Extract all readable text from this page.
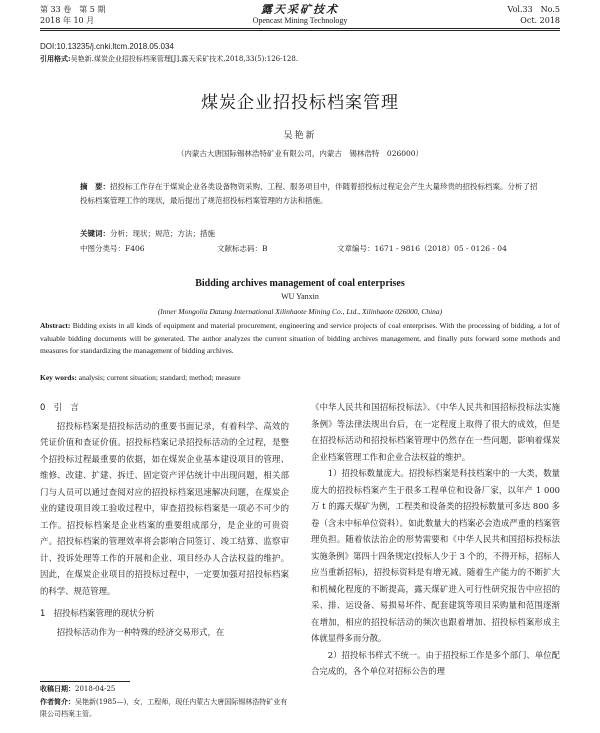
第 33 卷　第 5 期
2018 年 10 月
露天采矿技术
Opencast Mining Technology
Vol.33　No.5
Oct. 2018
DOI:10.13235/j.cnki.ltcm.2018.05.034
引用格式:吴艳新.煤炭企业招投标档案管理[J].露天采矿技术,2018,33(5):126-128.
煤炭企业招投标档案管理
吴艳新
（内蒙古大唐国际锡林浩特矿业有限公司，内蒙古　锡林浩特　026000）
摘　要：招投标工作存在于煤炭企业各类设备物资采购、工程、服务项目中，伴随着招投标过程定会产生大量珍贵的招投标档案。分析了招投标档案管理工作的现状，最后提出了规范招投标档案管理的方法和措施。
关键词：分析；现状；规范；方法；措施
中图分类号：F406	文献标志码：B	文章编号：1671 - 9816（2018）05 - 0126 - 04
Bidding archives management of coal enterprises
WU Yanxin
(Inner Mongolia Datang International Xilinhaote Mining Co., Ltd., Xilinhaote 026000, China)
Abstract: Bidding exists in all kinds of equipment and material procurement, engineering and service projects of coal enterprises. With the processing of bidding, a lot of valuable bidding documents will be generated. The author analyzes the current situation of bidding archives management, and finally puts forward some methods and measures for standardizing the management of bidding archives.
Key words: analysis; current situation; standard; method; measure
0　引　言

招投标档案是招投标活动的重要书面记录，有着科学、高效的凭证价值和查证价值。招投标档案记录招投标活动的全过程，是整个招投标过程最重要的依据，如在煤炭企业基本建设项目的管理、维修、改建、扩建、拆迁、固定资产评估统计中出现问题，相关部门与人员可以通过查阅对应的招投标档案迅速解决问题，在煤炭企业的建设项目竣工验收过程中，审查招投标档案是一项必不可少的工作。招投标档案是企业档案的重要组成部分，是企业的可贵资产。招投标档案的管理效率将会影响合同签订、竣工结算、监察审计、投诉处理等工作的开展和企业、项目经办人合法权益的维护。因此，在煤炭企业项目的招投标过程中，一定要加强对招投标档案的科学、规范管理。

1　招投标档案管理的现状分析

招投标活动作为一种特殊的经济交易形式，在

《中华人民共和国招标投标法》、《中华人民共和国招标投标法实施条例》等法律法规出台后，在一定程度上取得了很大的成效，但是在招投标活动和招投标档案管理中仍然存在一些问题，影响着煤炭企业档案管理工作和企业合法权益的维护。

1）招投标数量庞大。招投标档案是科技档案中的一大类，数量庞大的招投标档案产生于很多工程单位和设备厂家，以年产 1 000 万 t 的露天煤矿为例，工程类和设备类的招投标数量可多达 800 多卷（含未中标单位资料）。如此数量大的档案必会造成严重的档案管理负担。随着依法治企的形势需要和《中华人民共和国招标投标法实施条例》第四十四条规定(投标人少于 3 个的，不得开标，招标人应当重新招标)，招投标资料是有增无减。随着生产能力的不断扩大和机械化程度的不断提高，露天煤矿进入可行性研究报告中应招的采、排、运设备、易损易坏件、配套建筑等项目采购量和范围逐渐在增加，相应的招投标活动的频次也跟着增加、招投标档案形成主体就显得多而分散。

2）招投标书样式不统一。由于招投标工作是多个部门、单位配合完成的，各个单位对招标公告的理

收稿日期：2018-04-25
作者简介：吴艳新(1985—)，女，工程师，现任内蒙古大唐国际锡林浩特矿业有限公司档案主管。
